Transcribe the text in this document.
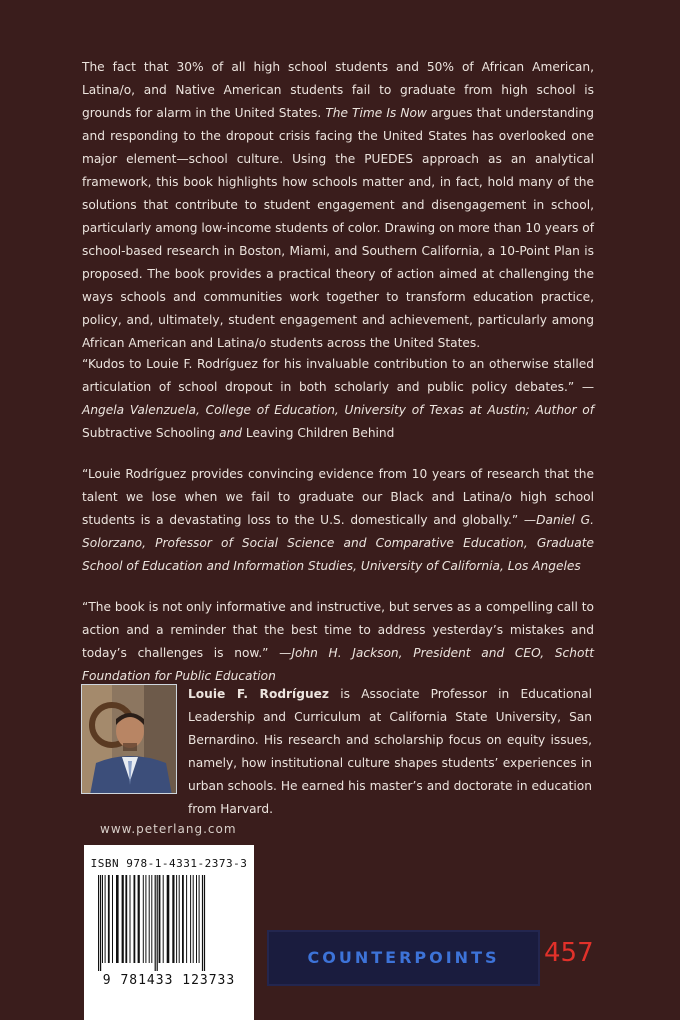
The fact that 30% of all high school students and 50% of African American, Latina/o, and Native American students fail to graduate from high school is grounds for alarm in the United States. The Time Is Now argues that understanding and responding to the dropout crisis facing the United States has overlooked one major element—school culture. Using the PUEDES approach as an analytical framework, this book highlights how schools matter and, in fact, hold many of the solutions that contribute to student engagement and disengagement in school, particularly among low-income students of color. Drawing on more than 10 years of school-based research in Boston, Miami, and Southern California, a 10-Point Plan is proposed. The book provides a practical theory of action aimed at challenging the ways schools and communities work together to transform education practice, policy, and, ultimately, student engagement and achievement, particularly among African American and Latina/o students across the United States.

“Kudos to Louie F. Rodríguez for his invaluable contribution to an otherwise stalled articulation of school dropout in both scholarly and public policy debates.” —Angela Valenzuela, College of Education, University of Texas at Austin; Author of Subtractive Schooling and Leaving Children Behind

“Louie Rodríguez provides convincing evidence from 10 years of research that the talent we lose when we fail to graduate our Black and Latina/o high school students is a devastating loss to the U.S. domestically and globally.” —Daniel G. Solorzano, Professor of Social Science and Comparative Education, Graduate School of Education and Information Studies, University of California, Los Angeles

“The book is not only informative and instructive, but serves as a compelling call to action and a reminder that the best time to address yesterday’s mistakes and today’s challenges is now.” —John H. Jackson, President and CEO, Schott Foundation for Public Education

Louie F. Rodríguez is Associate Professor in Educational Leadership and Curriculum at California State University, San Bernardino. His research and scholarship focus on equity issues, namely, how institutional culture shapes students’ experiences in urban schools. He earned his master’s and doctorate in education from Harvard.

www.peterlang.com
ISBN 978-1-4331-2373-3
9 781433 123733
COUNTERPOINTS	457
